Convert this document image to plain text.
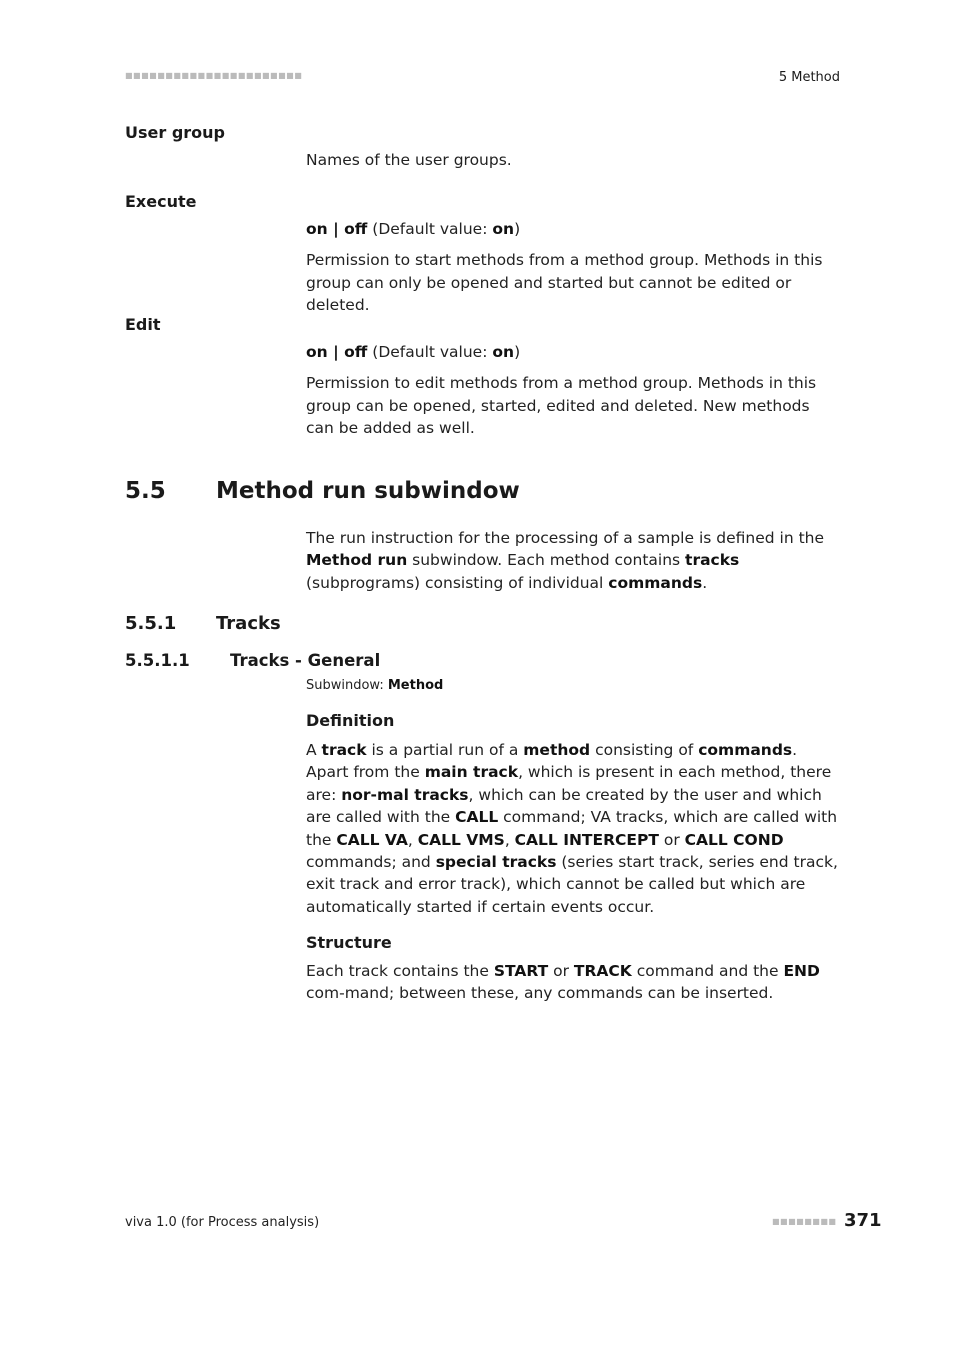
■■■■■■■■■■■■■■■■■■■■■■	5 Method
User group

Names of the user groups.

Execute

on | off (Default value: on)

Permission to start methods from a method group. Methods in this group can only be opened and started but cannot be edited or deleted.

Edit

on | off (Default value: on)

Permission to edit methods from a method group. Methods in this group can be opened, started, edited and deleted. New methods can be added as well.

5.5 Method run subwindow

The run instruction for the processing of a sample is defined in the Method run subwindow. Each method contains tracks (subprograms) consisting of individual commands.

5.5.1 Tracks
5.5.1.1 Tracks - General
Subwindow: Method
Definition

A track is a partial run of a method consisting of commands. Apart from the main track, which is present in each method, there are: nor-mal tracks, which can be created by the user and which are called with the CALL command; VA tracks, which are called with the CALL VA, CALL VMS, CALL INTERCEPT or CALL COND commands; and special tracks (series start track, series end track, exit track and error track), which cannot be called but which are automatically started if certain events occur.

Structure

Each track contains the START or TRACK command and the END com-mand; between these, any commands can be inserted.

viva 1.0 (for Process analysis)	■■■■■■■■ 371
